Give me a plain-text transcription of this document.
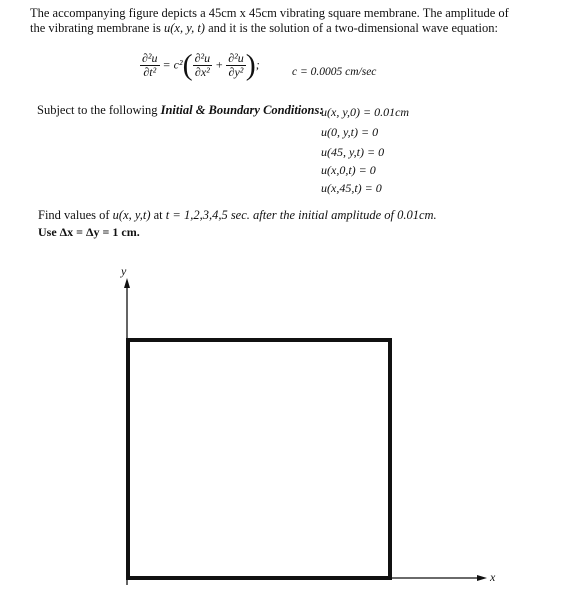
The accompanying figure depicts a 45cm x 45cm vibrating square membrane. The amplitude of
the vibrating membrane is u(x, y, t) and it is the solution of a two-dimensional wave equation:
$\frac{\text{∂²u}}{\text{∂t²}} = c^2( \frac{\text{∂²u}}{\text{∂x²}} + \frac{\text{∂²u}}{\text{∂y²}}$ );
c = 0.0005 cm/sec
Subject to the following Initial & Boundary Conditions:
u(x, y,0) = 0.01cm
u(0, y,t) = 0
u(45, y,t) = 0
u(x,0,t) = 0
u(x,45,t) = 0
Find values of u(x, y,t) at t = 1,2,3,4,5 sec. after the initial amplitude of 0.01cm.
Use Δx = Δy = 1 cm.
y
x
